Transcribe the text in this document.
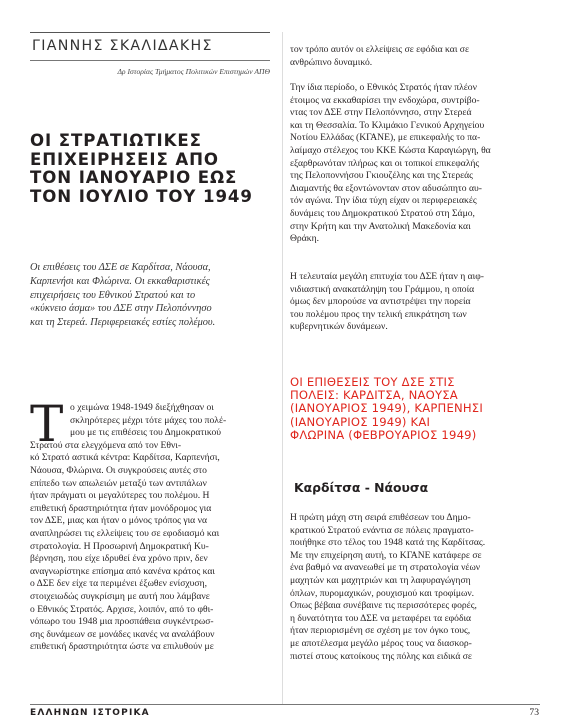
ΓΙΑΝΝΗΣ ΣΚΑΛΙΔΑΚΗΣ
Δρ Ιστορίας Τμήματος Πολιτικών Επιστημών ΑΠΘ
ΟΙ ΣΤΡΑΤΙΩΤΙΚΕΣ
ΕΠΙΧΕΙΡΗΣΕΙΣ ΑΠΟ
ΤΟΝ ΙΑΝΟΥΑΡΙΟ ΕΩΣ
ΤΟΝ ΙΟΥΛΙΟ ΤΟΥ 1949
Οι επιθέσεις του ΔΣΕ σε Καρδίτσα, Νάουσα,
Καρπενήσι και Φλώρινα. Οι εκκαθαριστικές
επιχειρήσεις του Εθνικού Στρατού και το
«κύκνειο άσμα» του ΔΣΕ στην Πελοπόννησο
και τη Στερεά. Περιφερειακές εστίες πολέμου.
Τ ο χειμώνα 1948-1949 διεξήχθησαν οι
σκληρότερες μέχρι τότε μάχες του πολέ-
μου με τις επιθέσεις του Δημοκρατικού
Στρατού στα ελεγχόμενα από τον Εθνι-
κό Στρατό αστικά κέντρα: Καρδίτσα, Καρπενήσι,
Νάουσα, Φλώρινα. Οι συγκρούσεις αυτές στο
επίπεδο των απωλειών μεταξύ των αντιπάλων
ήταν πράγματι οι μεγαλύτερες του πολέμου. Η
επιθετική δραστηριότητα ήταν μονόδρομος για
τον ΔΣΕ, μιας και ήταν ο μόνος τρόπος για να
αναπληρώσει τις ελλείψεις του σε εφοδιασμό και
στρατολογία. Η Προσωρινή Δημοκρατική Κυ-
βέρνηση, που είχε ιδρυθεί ένα χρόνο πριν, δεν
αναγνωρίστηκε επίσημα από κανένα κράτος και
ο ΔΣΕ δεν είχε τα περιμένει έξωθεν ενίσχυση,
στοιχειωδώς συγκρίσιμη με αυτή που λάμβανε
ο Εθνικός Στρατός. Αρχισε, λοιπόν, από το φθι-
νόπωρο του 1948 μια προσπάθεια συγκέντρωσ-
σης δυνάμεων σε μονάδες ικανές να αναλάβουν
επιθετική δραστηριότητα ώστε να επιλυθούν με
τον τρόπο αυτόν οι ελλείψεις σε εφόδια και σε
ανθρώπινο δυναμικό.
Την ίδια περίοδο, ο Εθνικός Στρατός ήταν πλέον
έτοιμος να εκκαθαρίσει την ενδοχώρα, συντρίβο-
ντας τον ΔΣΕ στην Πελοπόννησο, στην Στερεά
και τη Θεσσαλία. Το Κλιμάκιο Γενικού Αρχηγείου
Νοτίου Ελλάδας (ΚΓΑΝΕ), με επικεφαλής το πα-
λαίμαχο στέλεχος του ΚΚΕ Κώστα Καραγιώργη, θα
εξαρθρωνόταν πλήρως και οι τοπικοί επικεφαλής
της Πελοποννήσου Γκιουζέλης και της Στερεάς
Διαμαντής θα εξοντώνονταν στον αδυσώπητο αυ-
τόν αγώνα. Την ίδια τύχη είχαν οι περιφερειακές
δυνάμεις του Δημοκρατικού Στρατού στη Σάμο,
στην Κρήτη και την Ανατολική Μακεδονία και
Θράκη.
Η τελευταία μεγάλη επιτυχία του ΔΣΕ ήταν η αιφ-
νιδιαστική ανακατάληψη του Γράμμου, η οποία
όμως δεν μπορούσε να αντιστρέψει την πορεία
του πολέμου προς την τελική επικράτηση των
κυβερνητικών δυνάμεων.
ΟΙ ΕΠΙΘΕΣΕΙΣ ΤΟΥ ΔΣΕ ΣΤΙΣ
ΠΟΛΕΙΣ: ΚΑΡΔΙΤΣΑ, ΝΑΟΥΣΑ
(ΙΑΝΟΥΑΡΙΟΣ 1949), ΚΑΡΠΕΝΗΣΙ
(ΙΑΝΟΥΑΡΙΟΣ 1949) ΚΑΙ
ΦΛΩΡΙΝΑ (ΦΕΒΡΟΥΑΡΙΟΣ 1949)
Καρδίτσα - Νάουσα
Η πρώτη μάχη στη σειρά επιθέσεων του Δημο-
κρατικού Στρατού ενάντια σε πόλεις πραγματο-
ποιήθηκε στο τέλος του 1948 κατά της Καρδίτσας.
Με την επιχείρηση αυτή, το ΚΓΑΝΕ κατάφερε σε
ένα βαθμό να ανανεωθεί με τη στρατολογία νέων
μαχητών και μαχητριών και τη λαφυραγώγηση
όπλων, πυρομαχικών, ρουχισμού και τροφίμων.
Οπως βέβαια συνέβαινε τις περισσότερες φορές,
η δυνατότητα του ΔΣΕ να μεταφέρει τα εφόδια
ήταν περιορισμένη σε σχέση με τον όγκο τους,
με αποτέλεσμα μεγάλο μέρος τους να διασκορ-
πιστεί στους κατοίκους της πόλης και ειδικά σε
ΕΛΛΗΝΩΝ ΙΣΤΟΡΙΚΑ	73
